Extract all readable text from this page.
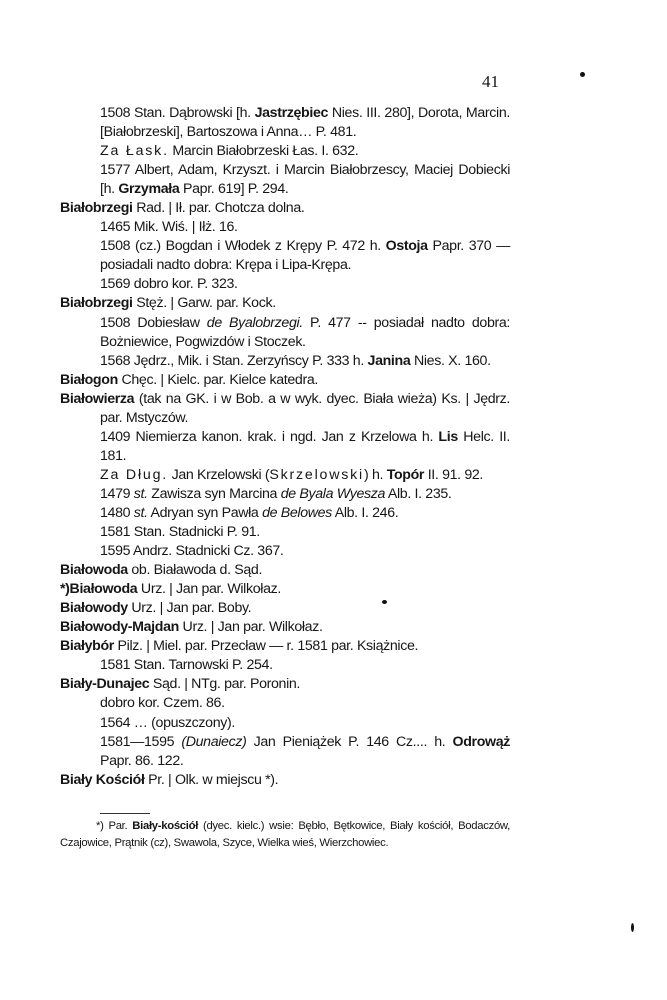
41

1508 Stan. Dąbrowski [h. Jastrzębiec Nies. III. 280], Dorota, Marcin. [Białobrzeski], Bartoszowa i Anna… P. 481.

Za Łask. Marcin Białobrzeski Łas. I. 632.

1577 Albert, Adam, Krzyszt. i Marcin Białobrzescy, Maciej Dobiecki [h. Grzymała Papr. 619] P. 294.

Białobrzegi Rad. | Ił. par. Chotcza dolna.

1465 Mik. Wiś. | Iłż. 16.

1508 (cz.) Bogdan i Włodek z Krępy P. 472 h. Ostoja Papr. 370 — posiadali nadto dobra: Krępa i Lipa-Krępa.

1569 dobro kor. P. 323.

Białobrzegi Stęż. | Garw. par. Kock.

1508 Dobiesław de Byalobrzegi. P. 477 -- posiadał nadto dobra: Bożniewice, Pogwizdów i Stoczek.

1568 Jędrz., Mik. i Stan. Zerzyńscy P. 333 h. Janina Nies. X. 160.

Białogon Chęc. | Kielc. par. Kielce katedra.

Białowierza (tak na GK. i w Bob. a w wyk. dyec. Biała wieża) Ks. | Jędrz. par. Mstyczów.

1409 Niemierza kanon. krak. i ngd. Jan z Krzelowa h. Lis Helc. II. 181.

Za Dług. Jan Krzelowski (Skrzelowski) h. Topór II. 91. 92.

1479 st. Zawisza syn Marcina de Byala Wyesza Alb. I. 235.

1480 st. Adryan syn Pawła de Belowes Alb. I. 246.

1581 Stan. Stadnicki P. 91.

1595 Andrz. Stadnicki Cz. 367.

Białowoda ob. Białawoda d. Sąd.

*)Białowoda Urz. | Jan par. Wilkołaz.

Białowody Urz. | Jan par. Boby.

Białowody-Majdan Urz. | Jan par. Wilkołaz.

Białybór Pilz. | Miel. par. Przecław — r. 1581 par. Książnice.

1581 Stan. Tarnowski P. 254.

Biały-Dunajec Sąd. | NTg. par. Poronin.

dobro kor. Czem. 86.

1564 … (opuszczony).

1581—1595 (Dunaiecz) Jan Pieniążek P. 146 Cz.... h. Odrowąż Papr. 86. 122.

Biały Kościół Pr. | Olk. w miejscu *).

*) Par. Biały-kościół (dyec. kielc.) wsie: Bębło, Bętkowice, Biały kościół, Bodaczów, Czajowice, Prątnik (cz), Swawola, Szyce, Wielka wieś, Wierzchowiec.
